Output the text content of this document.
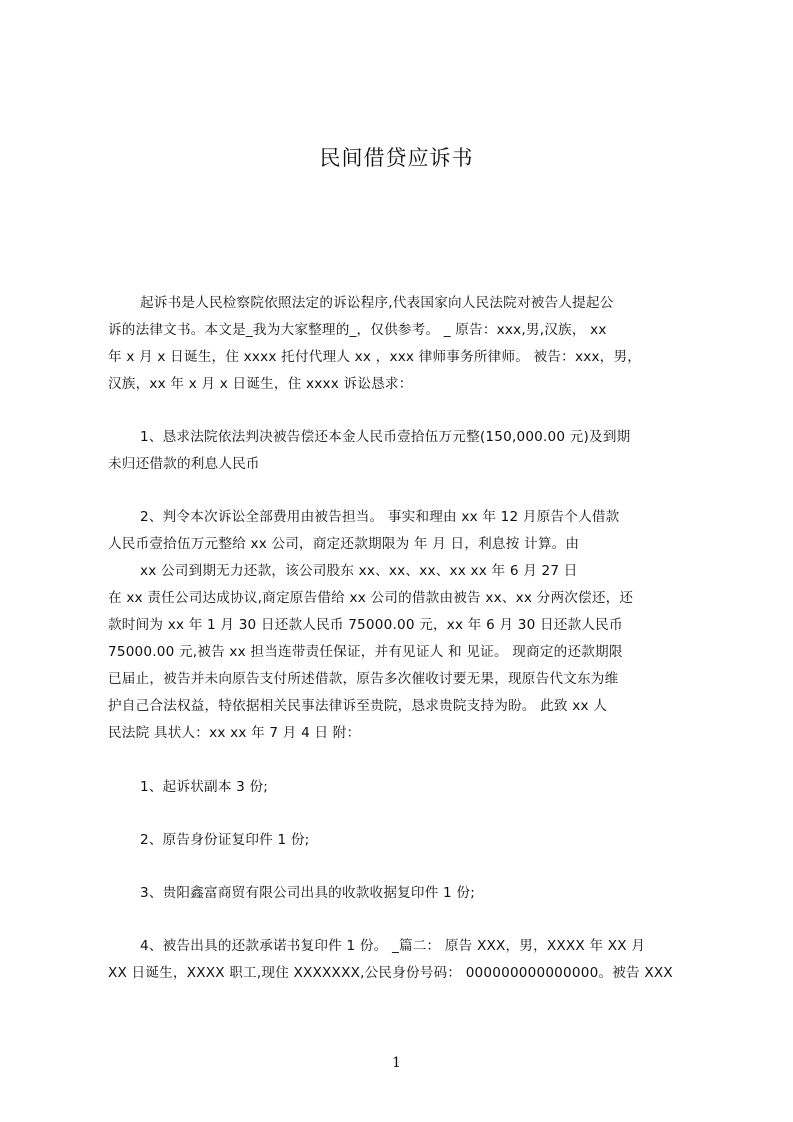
民间借贷应诉书

起诉书是人民检察院依照法定的诉讼程序,代表国家向人民法院对被告人提起公

诉的法律文书。本文是_我为大家整理的_，仅供参考。 _ 原告：xxx,男,汉族， xx

年 x 月 x 日诞生，住 xxxx 托付代理人 xx ，xxx 律师事务所律师。 被告：xxx，男，

汉族，xx 年 x 月 x 日诞生，住 xxxx 诉讼恳求：

1、恳求法院依法判决被告偿还本金人民币壹拾伍万元整(150,000.00 元)及到期

未归还借款的利息人民币

2、判令本次诉讼全部费用由被告担当。 事实和理由 xx 年 12 月原告个人借款

人民币壹拾伍万元整给 xx 公司，商定还款期限为 年 月 日，利息按 计算。由

xx 公司到期无力还款，该公司股东 xx、xx、xx、xx xx 年 6 月 27 日

在 xx 责任公司达成协议,商定原告借给 xx 公司的借款由被告 xx、xx 分两次偿还，还

款时间为 xx 年 1 月 30 日还款人民币 75000.00 元，xx 年 6 月 30 日还款人民币

75000.00 元,被告 xx 担当连带责任保证，并有见证人 和 见证。 现商定的还款期限

已届止，被告并未向原告支付所述借款，原告多次催收讨要无果，现原告代文东为维

护自己合法权益，特依据相关民事法律诉至贵院，恳求贵院支持为盼。 此致 xx 人

民法院 具状人：xx xx 年 7 月 4 日 附：

1、起诉状副本 3 份;

2、原告身份证复印件 1 份;

3、贵阳鑫富商贸有限公司出具的收款收据复印件 1 份;

4、被告出具的还款承诺书复印件 1 份。 _篇二： 原告 XXX，男，XXXX 年 XX 月

XX 日诞生，XXXX 职工,现住 XXXXXXX,公民身份号码： 000000000000000。被告 XXX

1
